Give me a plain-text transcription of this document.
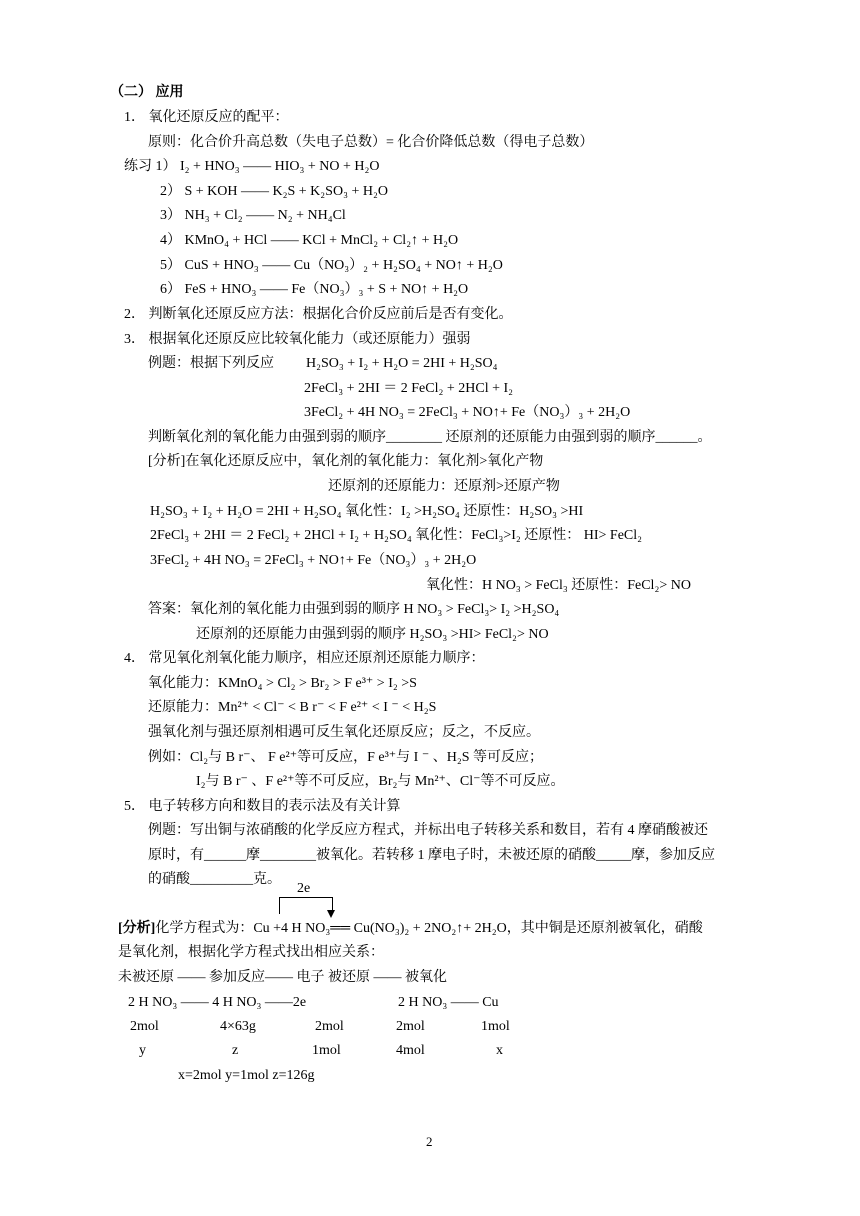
（二） 应用
1． 氧化还原反应的配平：
原则：化合价升高总数（失电子总数）= 化合价降低总数（得电子总数）
练习 1） I₂ + HNO₃ —— HIO₃ + NO + H₂O
2） S + KOH —— K₂S + K₂SO₃ + H₂O
3） NH₃ + Cl₂ —— N₂ + NH₄Cl
4） KMnO₄ + HCl —— KCl + MnCl₂ + Cl₂↑ + H₂O
5） CuS + HNO₃ —— Cu（NO₃）₂ + H₂SO₄ + NO↑ + H₂O
6） FeS + HNO₃ —— Fe（NO₃）₃ + S + NO↑ + H₂O
2． 判断氧化还原反应方法：根据化合价反应前后是否有变化。
3． 根据氧化还原反应比较氧化能力（或还原能力）强弱
例题：根据下列反应 H₂SO₃ + I₂ + H₂O = 2HI + H₂SO₄
2FeCl₃ + 2HI ＝ 2 FeCl₂ + 2HCl + I₂
3FeCl₂ + 4H NO₃ = 2FeCl₃ + NO↑+ Fe（NO₃）₃ + 2H₂O
判断氧化剂的氧化能力由强到弱的顺序________ 还原剂的还原能力由强到弱的顺序______。
[分析]在氧化还原反应中，氧化剂的氧化能力：氧化剂>氧化产物
还原剂的还原能力：还原剂>还原产物
H₂SO₃ + I₂ + H₂O = 2HI + H₂SO₄ 氧化性：I₂ >H₂SO₄ 还原性：H₂SO₃ >HI
2FeCl₃ + 2HI ＝ 2 FeCl₂ + 2HCl + I₂ + H₂SO₄ 氧化性：FeCl₃>I₂ 还原性： HI> FeCl₂
3FeCl₂ + 4H NO₃ = 2FeCl₃ + NO↑+ Fe（NO₃）₃ + 2H₂O
氧化性：H NO₃ > FeCl₃ 还原性：FeCl₂> NO
答案：氧化剂的氧化能力由强到弱的顺序 H NO₃ > FeCl₃> I₂ >H₂SO₄
还原剂的还原能力由强到弱的顺序 H₂SO₃ >HI> FeCl₂> NO
4． 常见氧化剂氧化能力顺序，相应还原剂还原能力顺序：
氧化能力：KMnO₄ > Cl₂ > Br₂ > F e³⁺ > I₂ >S
还原能力：Mn²⁺ < Cl⁻ < B r⁻ < F e²⁺ < I ⁻ < H₂S
强氧化剂与强还原剂相遇可反生氧化还原反应；反之，不反应。
例如：Cl₂与 B r⁻、 F e²⁺等可反应，F e³⁺与 I ⁻ 、H₂S 等可反应；
I₂与 B r⁻ 、F e²⁺等不可反应，Br₂与 Mn²⁺、Cl⁻等不可反应。
5． 电子转移方向和数目的表示法及有关计算
例题：写出铜与浓硝酸的化学反应方程式，并标出电子转移关系和数目，若有 4 摩硝酸被还
原时，有______摩________被氧化。若转移 1 摩电子时，未被还原的硝酸_____摩，参加反应
的硝酸_________克。
2e
[分析]化学方程式为：Cu +4 H NO₃══ Cu(NO₃)₂ + 2NO₂↑+ 2H₂O，其中铜是还原剂被氧化，硝酸
是氧化剂，根据化学方程式找出相应关系：
未被还原 —— 参加反应—— 电子 被还原 —— 被氧化
2 H NO₃ —— 4 H NO₃ ——2e	2 H NO₃ —— Cu
2mol	4×63g	2mol	2mol	1mol
y	z	1mol	4mol	x
x=2mol y=1mol z=126g
2
